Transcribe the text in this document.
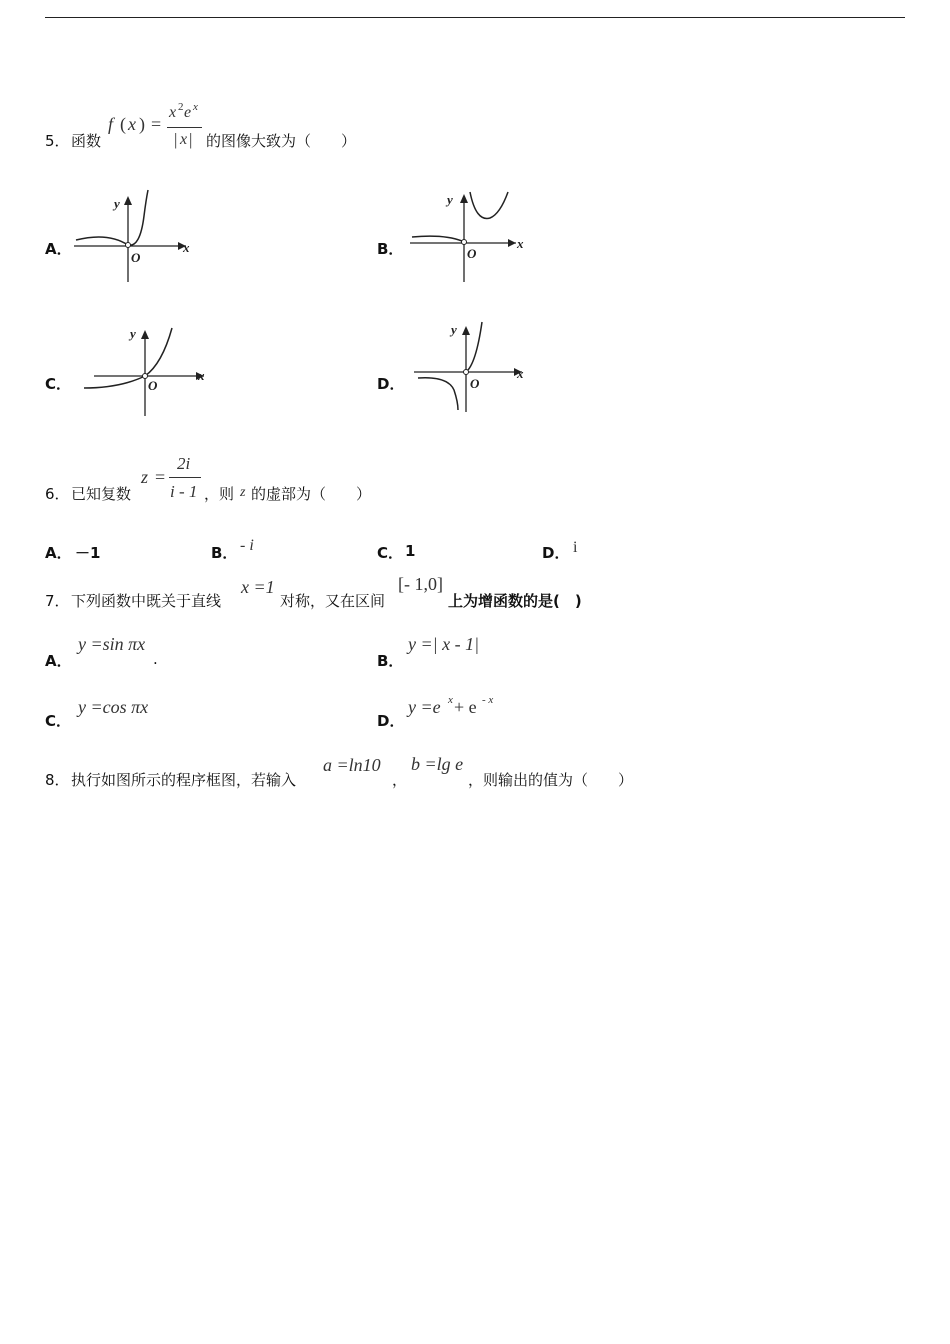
5． 函数
f ( x ) =
x 2 e x
| x | 的图像大致为（　　）
A．
y
x
O	B．
y
x
O
C．
y
x
O	D．
y
x
O
6． 已知复数
z =
2i
i - 1 ，则 z 的虚部为（　　）
A． －1	B． - i	C． 1	D． i
7． 下列函数中既关于直线
x =1
对称，又在区间
[- 1,0]
上为增函数的是(　)
A．
y =sin πx
.	B．
y =| x - 1|
C．
y =cos πx
D．
y =e x + e - x
8． 执行如图所示的程序框图，若输入
a =ln10
，
b =lg e
，则输出的值为（　　）
